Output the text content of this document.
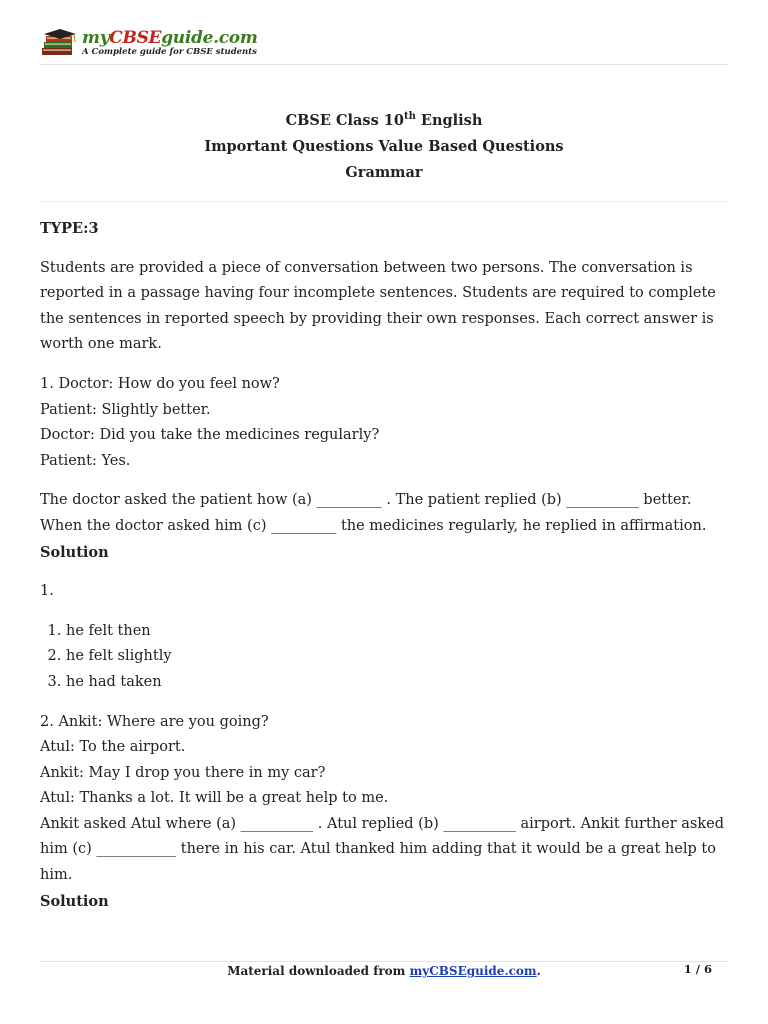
myCBSEguide.com
A Complete guide for CBSE students
CBSE Class 10th English
Important Questions Value Based Questions
Grammar

TYPE:3

Students are provided a piece of conversation between two persons. The conversation is reported in a passage having four incomplete sentences. Students are required to complete the sentences in reported speech by providing their own responses. Each correct answer is worth one mark.

1. Doctor: How do you feel now?

Patient: Slightly better.

Doctor: Did you take the medicines regularly?

Patient: Yes.

The doctor asked the patient how (a) _________ . The patient replied (b) __________ better. When the doctor asked him (c) _________ the medicines regularly, he replied in affirmation.

Solution

1.

1. he felt then
2. he felt slightly
3. he had taken

2. Ankit: Where are you going?

Atul: To the airport.

Ankit: May I drop you there in my car?

Atul: Thanks a lot. It will be a great help to me.

Ankit asked Atul where (a) __________ . Atul replied (b) __________ airport. Ankit further asked him (c) ___________ there in his car. Atul thanked him adding that it would be a great help to him.

Solution

Material downloaded from myCBSEguide.com.	1 / 6
